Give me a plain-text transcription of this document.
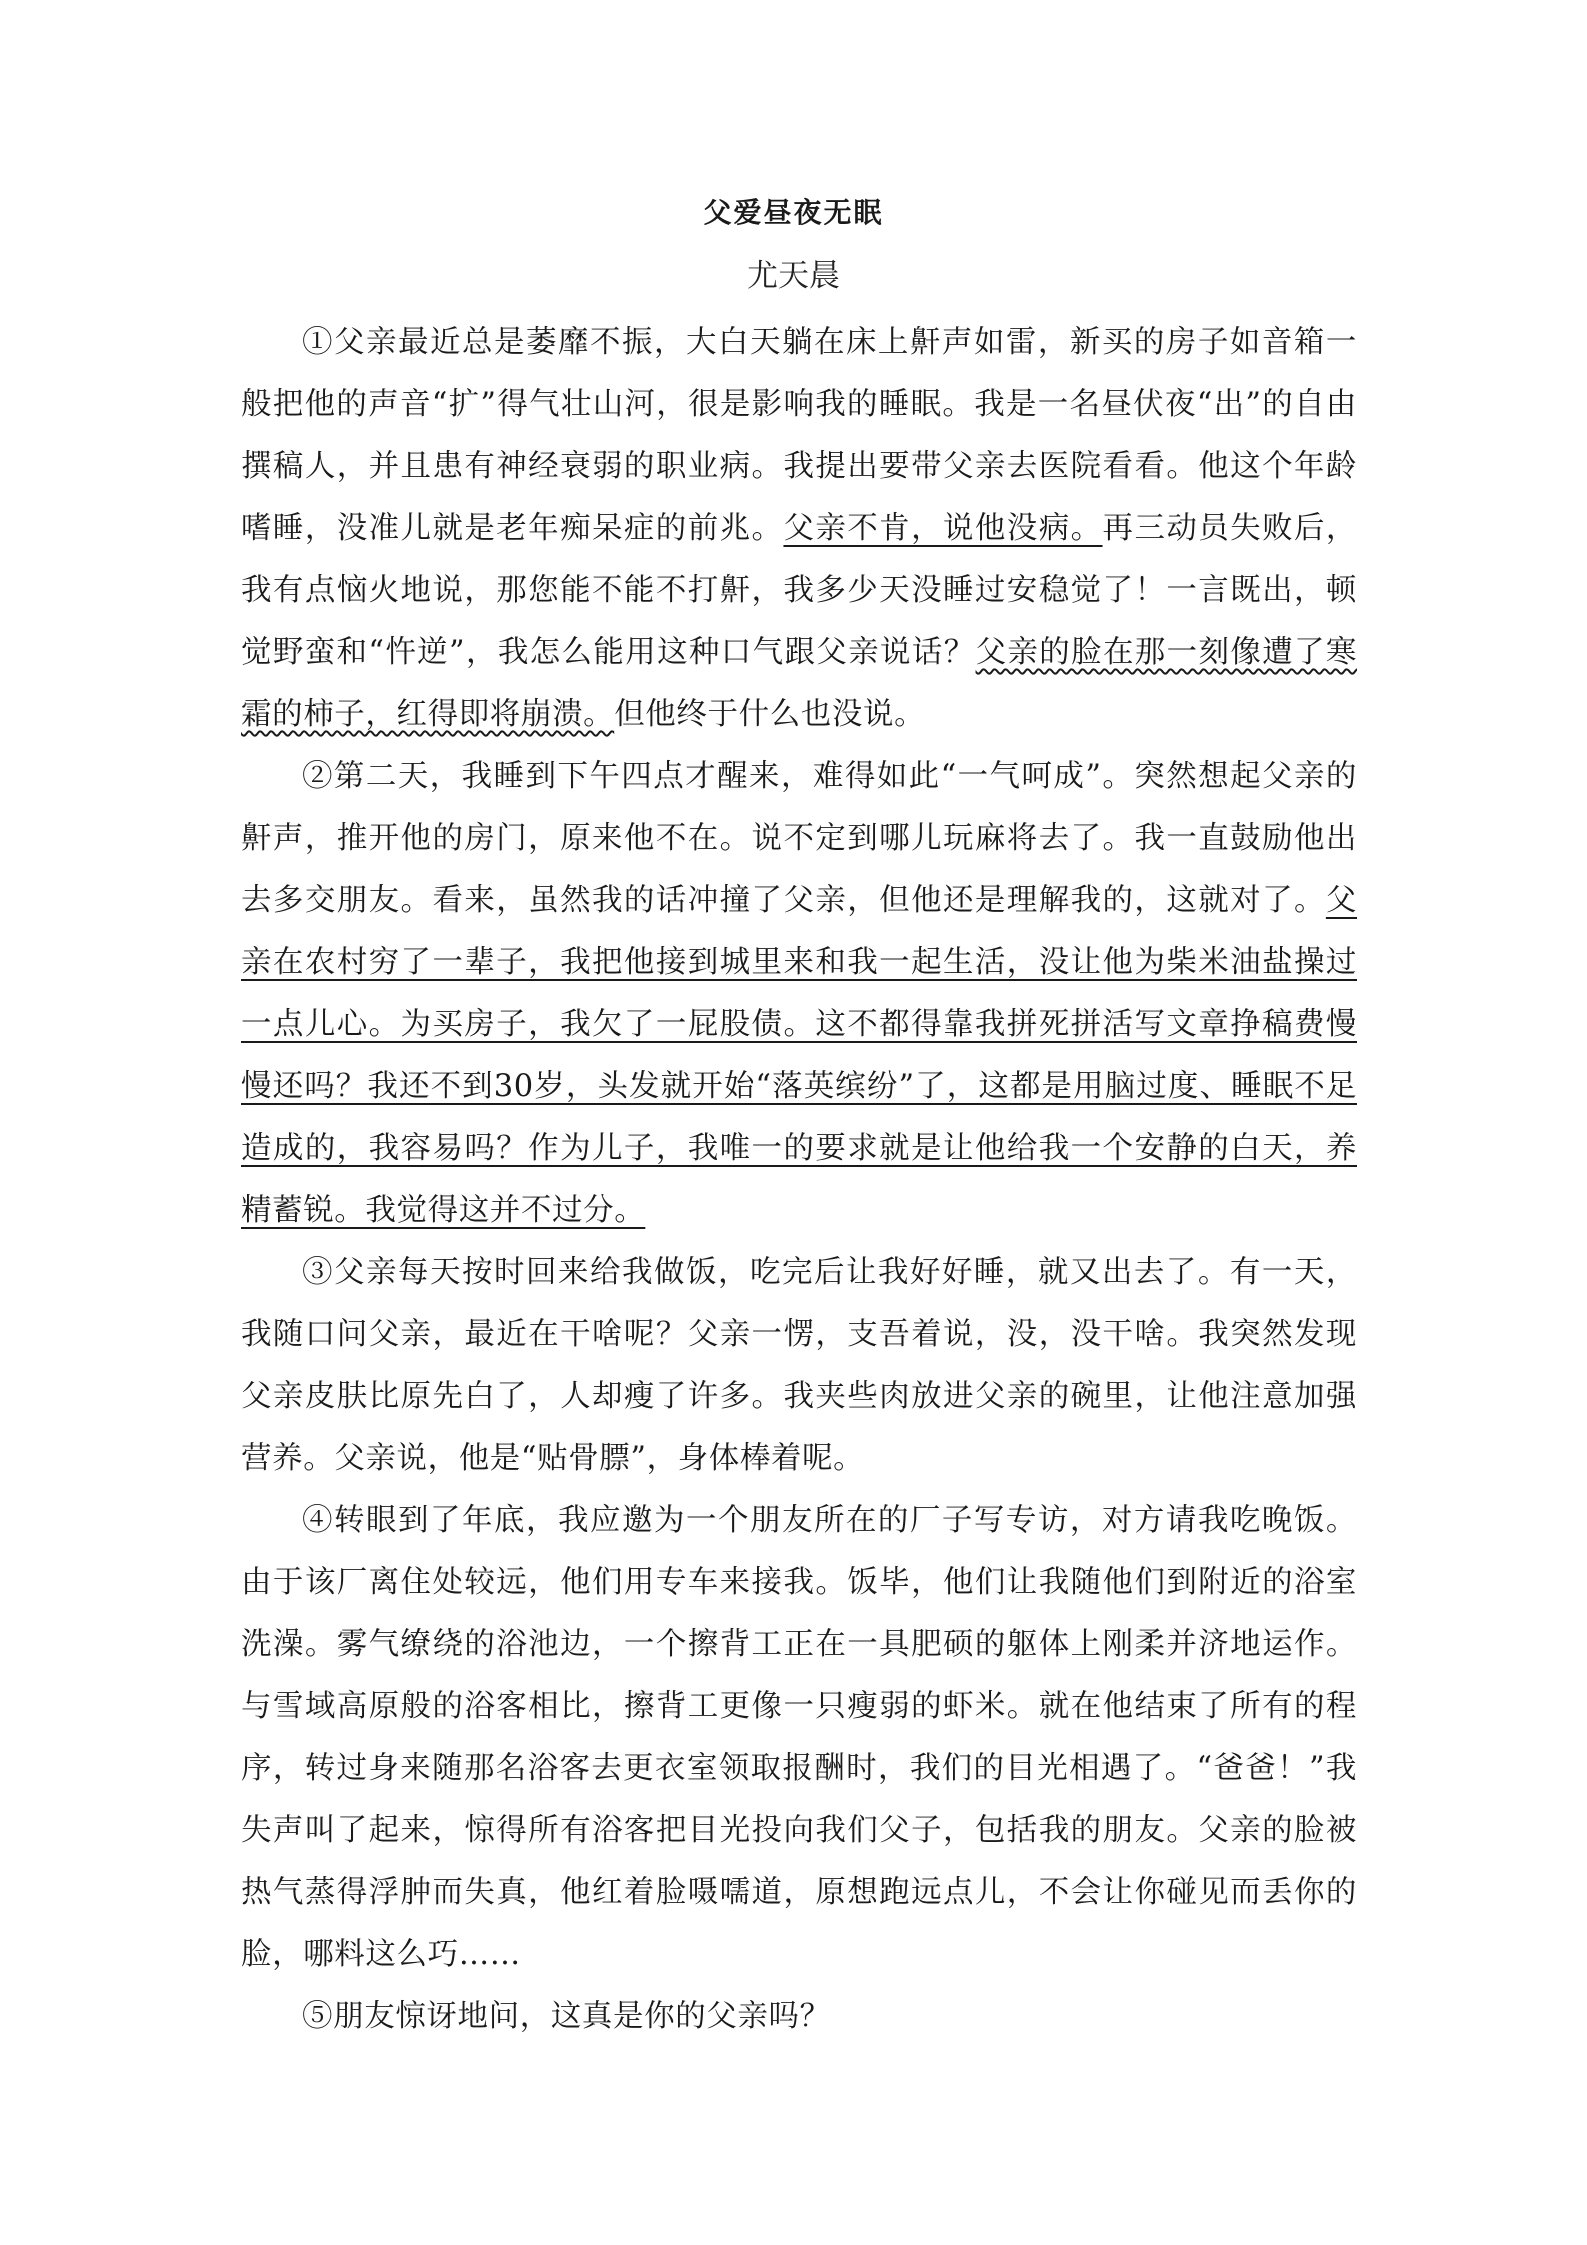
父爱昼夜无眠
尤天晨

①父亲最近总是萎靡不振，大白天躺在床上鼾声如雷，新买的房子如音箱一般把他的声音“扩”得气壮山河，很是影响我的睡眠。我是一名昼伏夜“出”的自由撰稿人，并且患有神经衰弱的职业病。我提出要带父亲去医院看看。他这个年龄嗜睡，没准儿就是老年痴呆症的前兆。父亲不肯，说他没病。再三动员失败后，我有点恼火地说，那您能不能不打鼾，我多少天没睡过安稳觉了！一言既出，顿觉野蛮和“忤逆”，我怎么能用这种口气跟父亲说话？父亲的脸在那一刻像遭了寒霜的柿子，红得即将崩溃。但他终于什么也没说。

②第二天，我睡到下午四点才醒来，难得如此“一气呵成”。突然想起父亲的鼾声，推开他的房门，原来他不在。说不定到哪儿玩麻将去了。我一直鼓励他出去多交朋友。看来，虽然我的话冲撞了父亲，但他还是理解我的，这就对了。父亲在农村穷了一辈子，我把他接到城里来和我一起生活，没让他为柴米油盐操过一点儿心。为买房子，我欠了一屁股债。这不都得靠我拼死拼活写文章挣稿费慢慢还吗？我还不到30岁，头发就开始“落英缤纷”了，这都是用脑过度、睡眠不足造成的，我容易吗？作为儿子，我唯一的要求就是让他给我一个安静的白天，养精蓄锐。我觉得这并不过分。

③父亲每天按时回来给我做饭，吃完后让我好好睡，就又出去了。有一天，我随口问父亲，最近在干啥呢？父亲一愣，支吾着说，没，没干啥。我突然发现父亲皮肤比原先白了，人却瘦了许多。我夹些肉放进父亲的碗里，让他注意加强营养。父亲说，他是“贴骨膘”，身体棒着呢。

④转眼到了年底，我应邀为一个朋友所在的厂子写专访，对方请我吃晚饭。由于该厂离住处较远，他们用专车来接我。饭毕，他们让我随他们到附近的浴室洗澡。雾气缭绕的浴池边，一个擦背工正在一具肥硕的躯体上刚柔并济地运作。与雪域高原般的浴客相比，擦背工更像一只瘦弱的虾米。就在他结束了所有的程序，转过身来随那名浴客去更衣室领取报酬时，我们的目光相遇了。“爸爸！”我失声叫了起来，惊得所有浴客把目光投向我们父子，包括我的朋友。父亲的脸被热气蒸得浮肿而失真，他红着脸嗫嚅道，原想跑远点儿，不会让你碰见而丢你的脸，哪料这么巧……

⑤朋友惊讶地问，这真是你的父亲吗？
